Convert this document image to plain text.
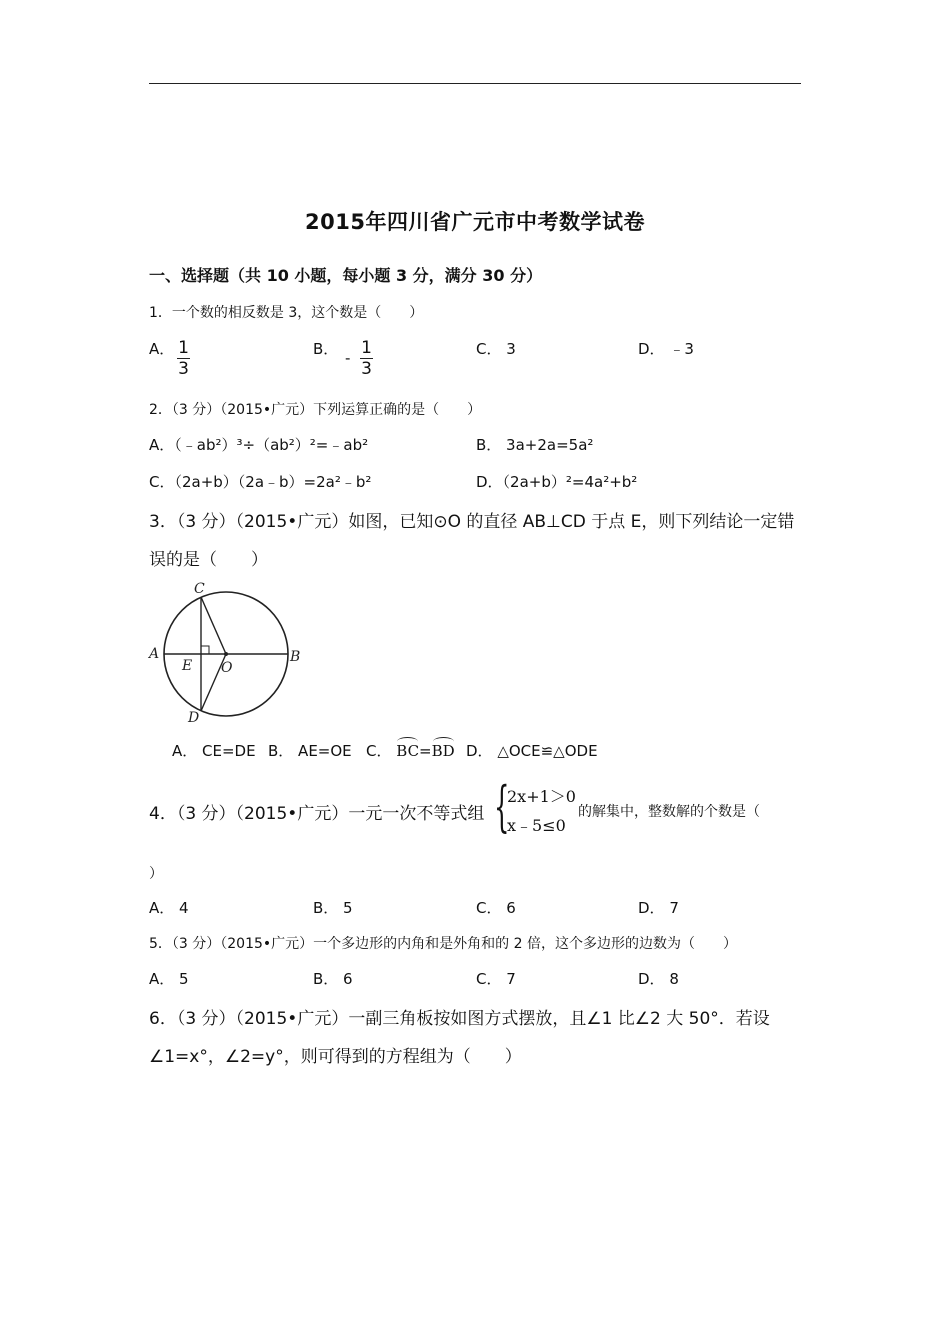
2015年四川省广元市中考数学试卷
一、选择题（共 10 小题，每小题 3 分，满分 30 分）
1．一个数的相反数是 3，这个数是（　　）
A． 1
3
B． - 1
3
C． 3	D． ﹣3
2．（3 分）（2015•广元）下列运算正确的是（　　）
A．（﹣ab²）³÷（ab²）²=﹣ab²	B． 3a+2a=5a²
C．（2a+b）（2a﹣b）=2a²﹣b²	D．（2a+b）²=4a²+b²
3．（3 分）（2015•广元）如图，已知⊙O 的直径 AB⊥CD 于点 E，则下列结论一定错
误的是（　　）
A	B
C
D
E O
A． CE=DE B． AE=OE C． BC=BD D． △OCE≌△ODE
4．（3 分）（2015•广元）一元一次不等式组 {
2x+1＞0
x﹣5≤0
的解集中，整数解的个数是（
）
A． 4	B． 5	C． 6	D． 7
5．（3 分）（2015•广元）一个多边形的内角和是外角和的 2 倍，这个多边形的边数为（　　）
A． 5	B． 6	C． 7	D． 8
6．（3 分）（2015•广元）一副三角板按如图方式摆放，且∠1 比∠2 大 50°．若设
∠1=x°，∠2=y°，则可得到的方程组为（　　）
